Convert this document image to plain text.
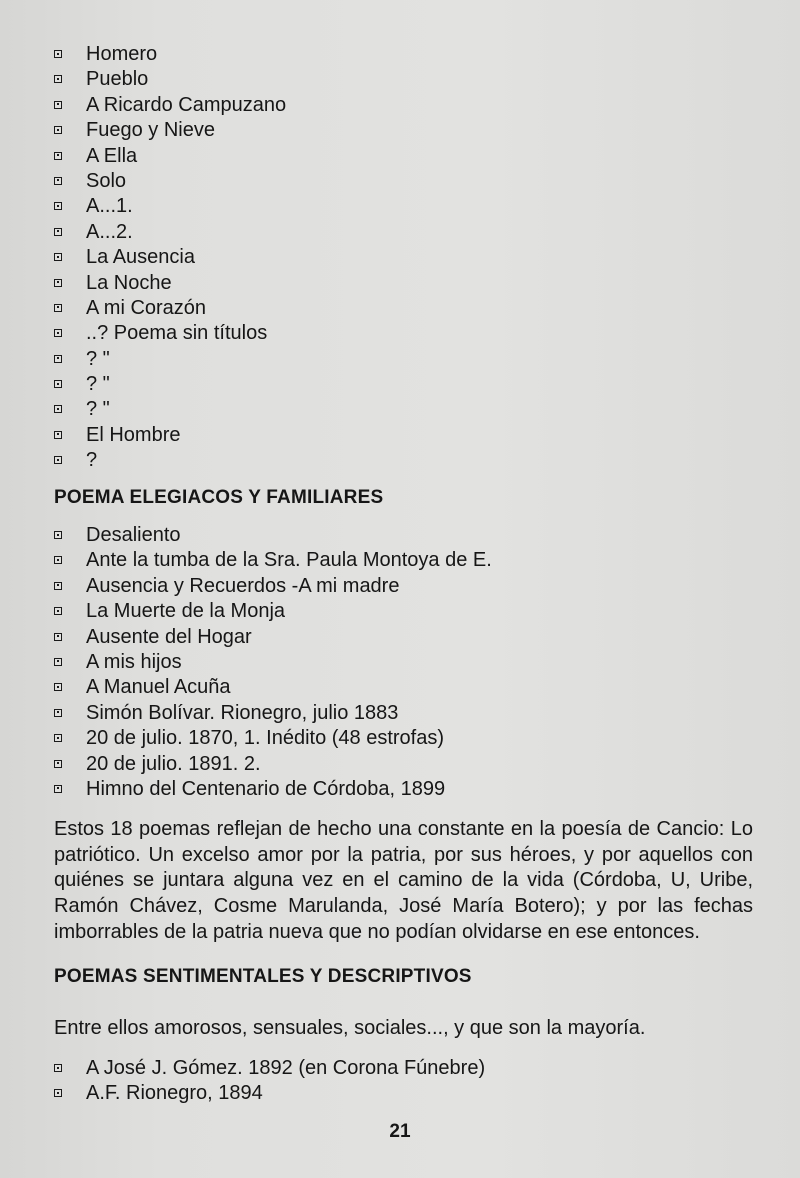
Homero
Pueblo
A Ricardo Campuzano
Fuego y Nieve
A Ella
Solo
A...1.
A...2.
La Ausencia
La Noche
A mi Corazón
..? Poema sin títulos
? "
? "
? "
El Hombre
?
POEMA ELEGIACOS Y FAMILIARES
Desaliento
Ante la tumba de la Sra. Paula Montoya de E.
Ausencia y Recuerdos -A mi madre
La Muerte de la Monja
Ausente del Hogar
A mis hijos
A Manuel Acuña
Simón Bolívar. Rionegro, julio 1883
20 de julio. 1870, 1. Inédito (48 estrofas)
20 de julio. 1891. 2.
Himno del Centenario de Córdoba, 1899

Estos 18 poemas reflejan de hecho una constante en la poesía de Cancio: Lo patriótico. Un excelso amor por la patria, por sus héroes, y por aquellos con quiénes se juntara alguna vez en el camino de la vida (Córdoba, U, Uribe, Ramón Chávez, Cosme Marulanda, José María Botero); y por las fechas imborrables de la patria nueva que no podían olvidarse en ese entonces.

POEMAS SENTIMENTALES Y DESCRIPTIVOS

Entre ellos amorosos, sensuales, sociales..., y que son la mayoría.

A José J. Gómez. 1892 (en Corona Fúnebre)
A.F. Rionegro, 1894
21
